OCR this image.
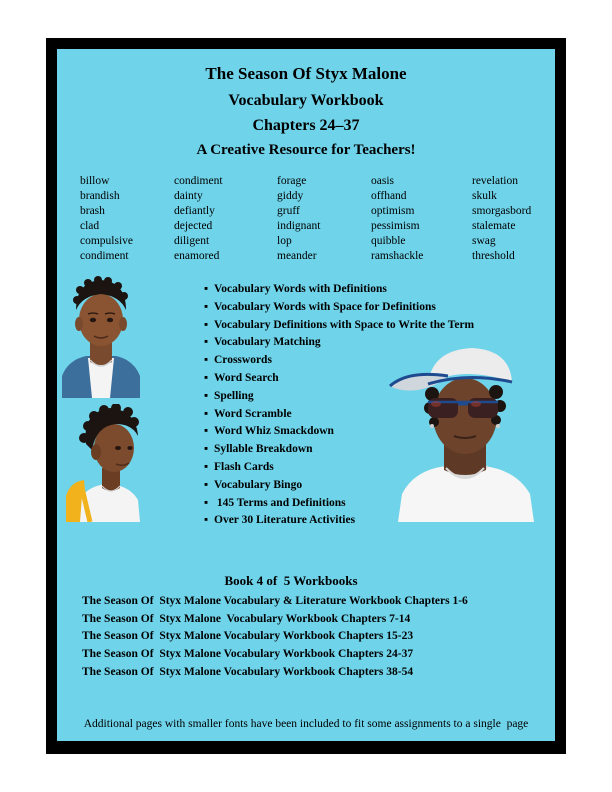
The Season Of Styx Malone
Vocabulary Workbook
Chapters 24–37
A Creative Resource for Teachers!
billow
brandish
brash
clad
compulsive
condiment
condiment
dainty
defiantly
dejected
diligent
enamored
forage
giddy
gruff
indignant
lop
meander
oasis
offhand
optimism
pessimism
quibble
ramshackle
revelation
skulk
smorgasbord
stalemate
swag
threshold
▪ Vocabulary Words with Definitions
▪ Vocabulary Words with Space for Definitions
▪ Vocabulary Definitions with Space to Write the Term
▪ Vocabulary Matching
▪ Crosswords
▪ Word Search
▪ Spelling
▪ Word Scramble
▪ Word Whiz Smackdown
▪ Syllable Breakdown
▪ Flash Cards
▪ Vocabulary Bingo
▪ 145 Terms and Definitions
▪ Over 30 Literature Activities
Book 4 of  5 Workbooks
The Season Of  Styx Malone Vocabulary & Literature Workbook Chapters 1-6
The Season Of  Styx Malone  Vocabulary Workbook Chapters 7-14
The Season Of  Styx Malone Vocabulary Workbook Chapters 15-23
The Season Of  Styx Malone Vocabulary Workbook Chapters 24-37
The Season Of  Styx Malone Vocabulary Workbook Chapters 38-54
Additional pages with smaller fonts have been included to fit some assignments to a single  page
